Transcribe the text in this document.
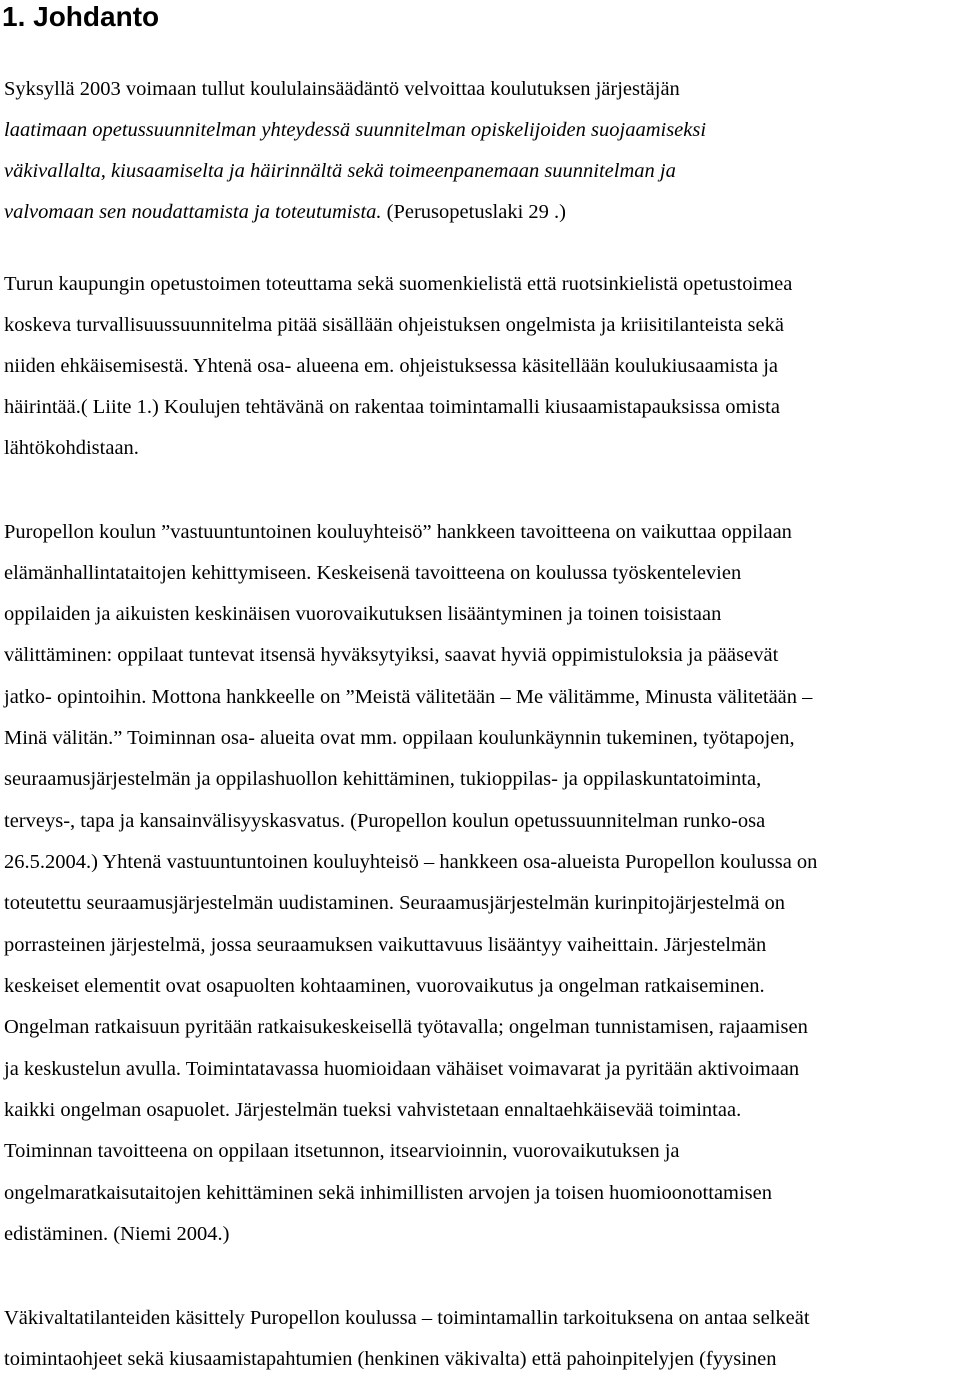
1. Johdanto
Syksyllä 2003 voimaan tullut koululainsäädäntö velvoittaa koulutuksen järjestäjän
laatimaan opetussuunnitelman yhteydessä suunnitelman opiskelijoiden suojaamiseksi
väkivallalta, kiusaamiselta ja häirinnältä sekä toimeenpanemaan suunnitelman ja
valvomaan sen noudattamista ja toteutumista. (Perusopetuslaki 29 .)
Turun kaupungin opetustoimen toteuttama sekä suomenkielistä että ruotsinkielistä opetustoimea
koskeva turvallisuussuunnitelma pitää sisällään ohjeistuksen ongelmista ja kriisitilanteista sekä
niiden ehkäisemisestä. Yhtenä osa- alueena em. ohjeistuksessa käsitellään koulukiusaamista ja
häirintää.( Liite 1.) Koulujen tehtävänä on rakentaa toimintamalli kiusaamistapauksissa omista
lähtökohdistaan.
Puropellon koulun ”vastuuntuntoinen kouluyhteisö” hankkeen tavoitteena on vaikuttaa oppilaan
elämänhallintataitojen kehittymiseen. Keskeisenä tavoitteena on koulussa työskentelevien
oppilaiden ja aikuisten keskinäisen vuorovaikutuksen lisääntyminen ja toinen toisistaan
välittäminen: oppilaat tuntevat itsensä hyväksytyiksi, saavat hyviä oppimistuloksia ja pääsevät
jatko- opintoihin. Mottona hankkeelle on ”Meistä välitetään – Me välitämme, Minusta välitetään –
Minä välitän.” Toiminnan osa- alueita ovat mm. oppilaan koulunkäynnin tukeminen, työtapojen,
seuraamusjärjestelmän ja oppilashuollon kehittäminen, tukioppilas- ja oppilaskuntatoiminta,
terveys-, tapa ja kansainvälisyyskasvatus. (Puropellon koulun opetussuunnitelman runko-osa
26.5.2004.) Yhtenä vastuuntuntoinen kouluyhteisö – hankkeen osa-alueista Puropellon koulussa on
toteutettu seuraamusjärjestelmän uudistaminen. Seuraamusjärjestelmän kurinpitojärjestelmä on
porrasteinen järjestelmä, jossa seuraamuksen vaikuttavuus lisääntyy vaiheittain. Järjestelmän
keskeiset elementit ovat osapuolten kohtaaminen, vuorovaikutus ja ongelman ratkaiseminen.
Ongelman ratkaisuun pyritään ratkaisukeskeisellä työtavalla; ongelman tunnistamisen, rajaamisen
ja keskustelun avulla. Toimintatavassa huomioidaan vähäiset voimavarat ja pyritään aktivoimaan
kaikki ongelman osapuolet. Järjestelmän tueksi vahvistetaan ennaltaehkäisevää toimintaa.
Toiminnan tavoitteena on oppilaan itsetunnon, itsearvioinnin, vuorovaikutuksen ja
ongelmaratkaisutaitojen kehittäminen sekä inhimillisten arvojen ja toisen huomioonottamisen
edistäminen. (Niemi 2004.)
Väkivaltatilanteiden käsittely Puropellon koulussa – toimintamallin tarkoituksena on antaa selkeät
toimintaohjeet sekä kiusaamistapahtumien (henkinen väkivalta) että pahoinpitelyjen (fyysinen
